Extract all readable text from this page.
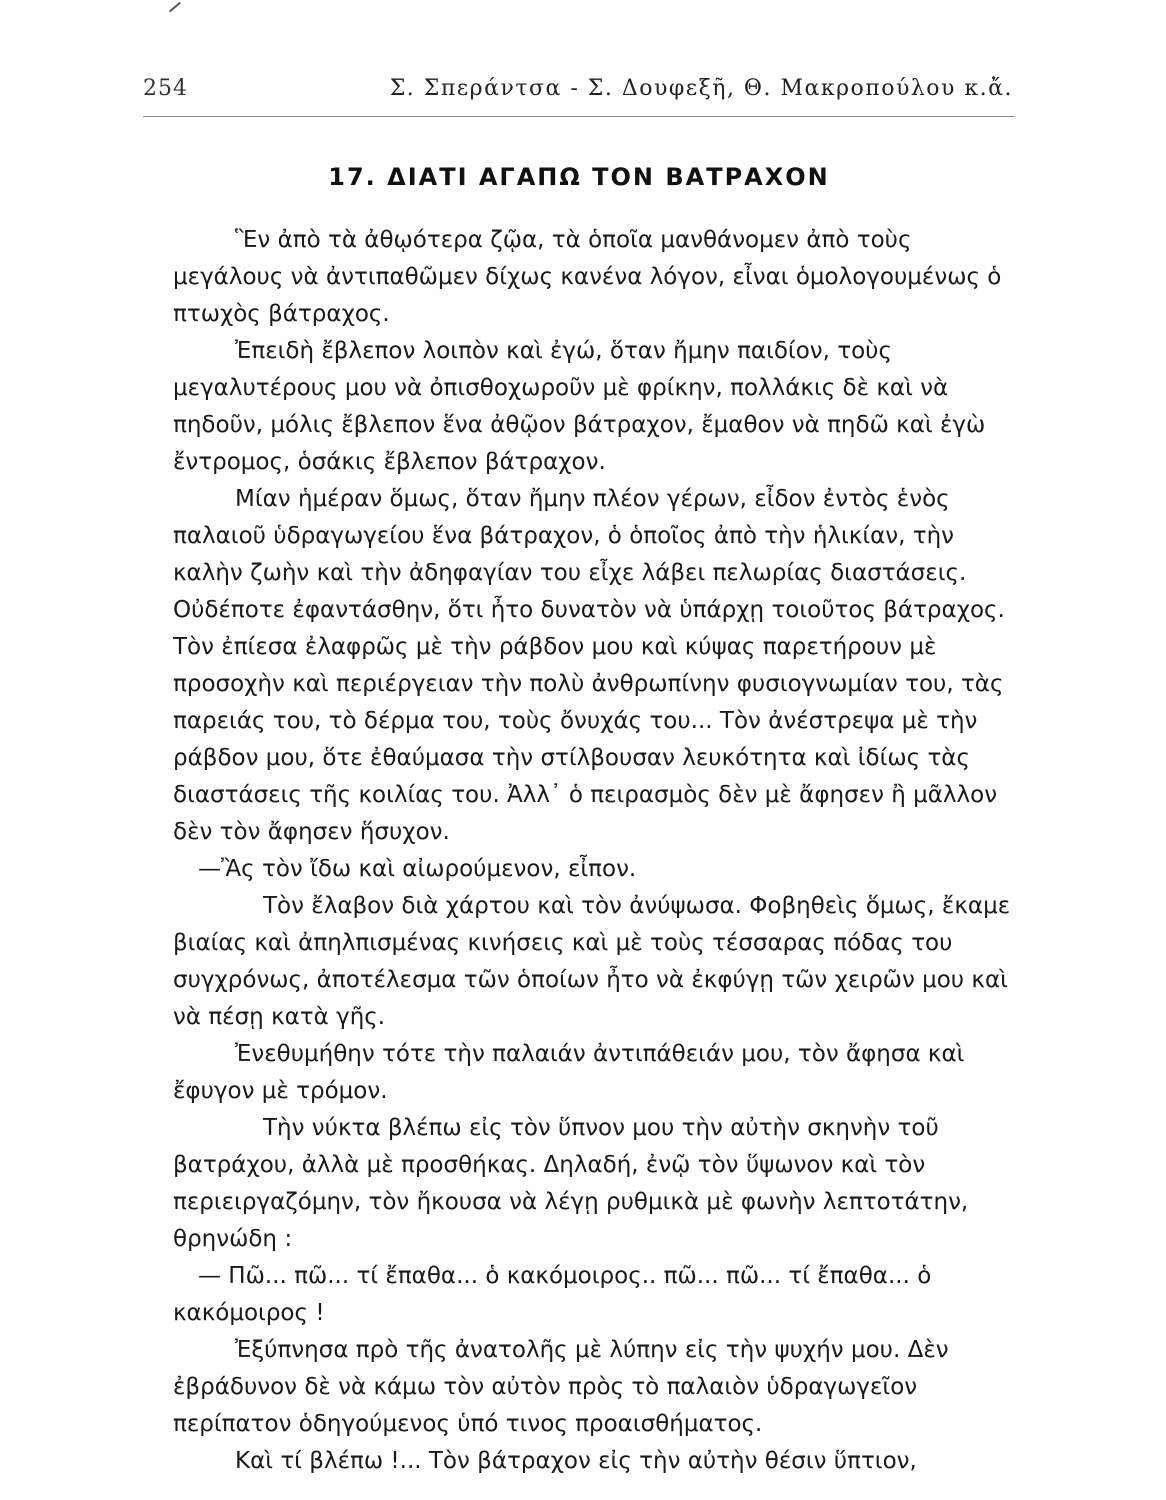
254	Σ. Σπεράντσα - Σ. Δουφεξῆ, Θ. Μακροπούλου κ.ἄ.
17. ΔΙΑΤΙ ΑΓΑΠΩ ΤΟΝ ΒΑΤΡΑΧΟΝ

Ἓν ἀπὸ τὰ ἀθῳότερα ζῷα, τὰ ὁποῖα μανθάνομεν ἀπὸ τοὺς μεγάλους νὰ ἀντιπαθῶμεν δίχως κανένα λόγον, εἶναι ὁμολογουμένως ὁ πτωχὸς βάτραχος.

Ἐπειδὴ ἔβλεπον λοιπὸν καὶ ἐγώ, ὅταν ἤμην παιδίον, τοὺς μεγαλυτέρους μου νὰ ὀπισθοχωροῦν μὲ φρίκην, πολλάκις δὲ καὶ νὰ πηδοῦν, μόλις ἔβλεπον ἕνα ἀθῷον βάτραχον, ἔμαθον νὰ πηδῶ καὶ ἐγὼ ἔντρομος, ὁσάκις ἔβλεπον βάτραχον.

Μίαν ἡμέραν ὅμως, ὅταν ἤμην πλέον γέρων, εἶδον ἐντὸς ἑνὸς παλαιοῦ ὑδραγωγείου ἕνα βάτραχον, ὁ ὁποῖος ἀπὸ τὴν ἡλικίαν, τὴν καλὴν ζωὴν καὶ τὴν ἀδηφαγίαν του εἶχε λάβει πελωρίας διαστάσεις. Οὐδέποτε ἐφαντάσθην, ὅτι ἦτο δυνατὸν νὰ ὑπάρχῃ τοιοῦτος βάτραχος. Τὸν ἐπίεσα ἐλαφρῶς μὲ τὴν ράβδον μου καὶ κύψας παρετήρουν μὲ προσοχὴν καὶ περιέργειαν τὴν πολὺ ἀνθρωπίνην φυσιογνωμίαν του, τὰς παρειάς του, τὸ δέρμα του, τοὺς ὄνυχάς του... Τὸν ἀνέστρεψα μὲ τὴν ράβδον μου, ὅτε ἐθαύμασα τὴν στίλβουσαν λευκότητα καὶ ἰδίως τὰς διαστάσεις τῆς κοιλίας του. Ἀλλ᾽ ὁ πειρασμὸς δὲν μὲ ἄφησεν ἢ μᾶλλον δὲν τὸν ἄφησεν ἥσυχον.

—Ἂς τὸν ἴδω καὶ αἰωρούμενον, εἶπον.

Τὸν ἔλαβον διὰ χάρτου καὶ τὸν ἀνύψωσα. Φοβηθεὶς ὅμως, ἔκαμε βιαίας καὶ ἀπηλπισμένας κινήσεις καὶ μὲ τοὺς τέσσαρας πόδας του συγχρόνως, ἀποτέλεσμα τῶν ὁποίων ἦτο νὰ ἐκφύγῃ τῶν χειρῶν μου καὶ νὰ πέσῃ κατὰ γῆς.

Ἐνεθυμήθην τότε τὴν παλαιάν ἀντιπάθειάν μου, τὸν ἄφησα καὶ ἔφυγον μὲ τρόμον.

Τὴν νύκτα βλέπω εἰς τὸν ὕπνον μου τὴν αὐτὴν σκηνὴν τοῦ βατράχου, ἀλλὰ μὲ προσθήκας. Δηλαδή, ἐνῷ τὸν ὕψωνον καὶ τὸν περιειργαζόμην, τὸν ἤκουσα νὰ λέγῃ ρυθμικὰ μὲ φωνὴν λεπτοτάτην, θρηνώδη :

— Πῶ... πῶ... τί ἔπαθα... ὁ κακόμοιρος.. πῶ... πῶ... τί ἔπαθα... ὁ κακόμοιρος !

Ἐξύπνησα πρὸ τῆς ἀνατολῆς μὲ λύπην εἰς τὴν ψυχήν μου. Δὲν ἐβράδυνον δὲ νὰ κάμω τὸν αὐτὸν πρὸς τὸ παλαιὸν ὑδραγωγεῖον περίπατον ὁδηγούμενος ὑπό τινος προαισθήματος.

Καὶ τί βλέπω !... Τὸν βάτραχον εἰς τὴν αὐτὴν θέσιν ὕπτιον,
